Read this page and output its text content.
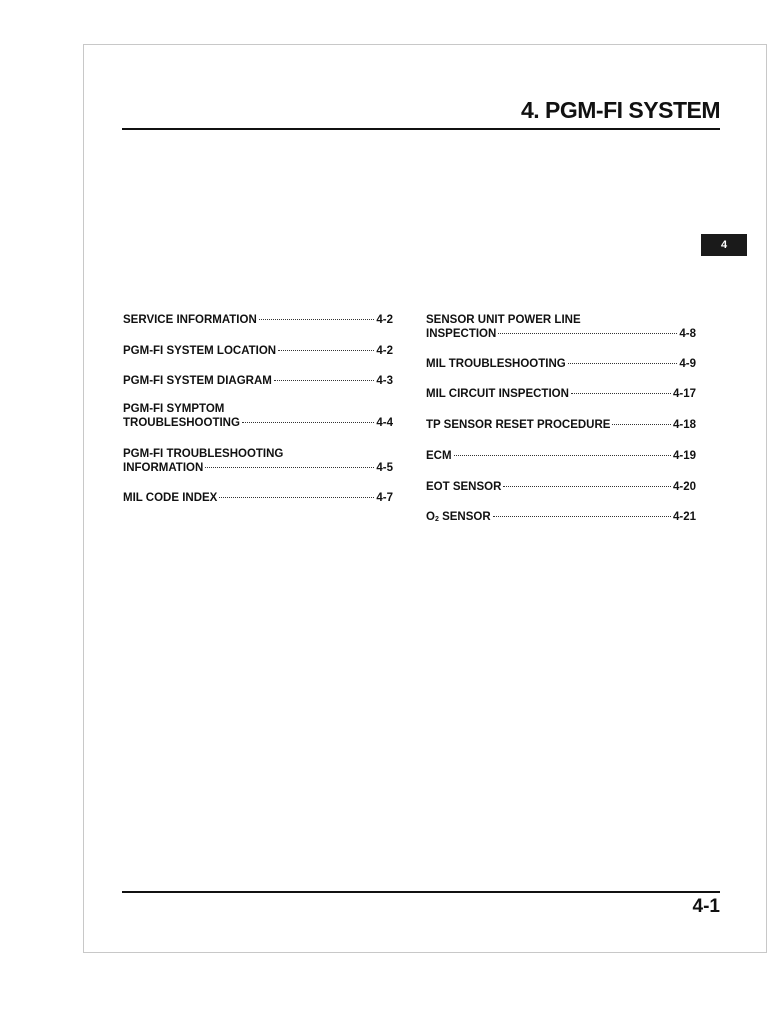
4. PGM-FI SYSTEM
4
SERVICE INFORMATION	4-2
PGM-FI SYSTEM LOCATION	4-2
PGM-FI SYSTEM DIAGRAM	4-3
PGM-FI SYMPTOM
TROUBLESHOOTING	4-4
PGM-FI TROUBLESHOOTING
INFORMATION	4-5
MIL CODE INDEX	4-7
SENSOR UNIT POWER LINE
INSPECTION	4-8
MIL TROUBLESHOOTING	4-9
MIL CIRCUIT INSPECTION	4-17
TP SENSOR RESET PROCEDURE	4-18
ECM	4-19
EOT SENSOR	4-20
O2 SENSOR	4-21
4-1
